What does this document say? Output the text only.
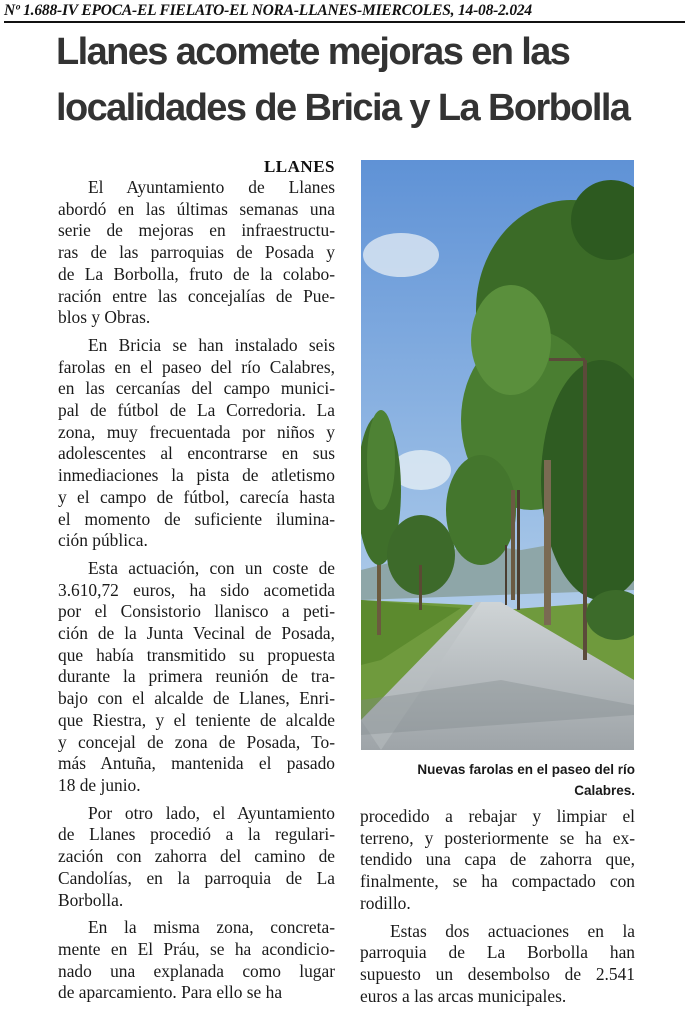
Nº 1.688-IV EPOCA-EL FIELATO-EL NORA-LLANES-MIERCOLES, 14-08-2.024
Llanes acomete mejoras en las
localidades de Bricia y La Borbolla
LLANES
El Ayuntamiento de Llanes
abordó en las últimas semanas una
serie de mejoras en infraestructu-
ras de las parroquias de Posada y
de La Borbolla, fruto de la colabo-
ración entre las concejalías de Pue-
blos y Obras.
En Bricia se han instalado seis
farolas en el paseo del río Calabres,
en las cercanías del campo munici-
pal de fútbol de La Corredoria. La
zona, muy frecuentada por niños y
adolescentes al encontrarse en sus
inmediaciones la pista de atletismo
y el campo de fútbol, carecía hasta
el momento de suficiente ilumina-
ción pública.
Esta actuación, con un coste de
3.610,72 euros, ha sido acometida
por el Consistorio llanisco a peti-
ción de la Junta Vecinal de Posada,
que había transmitido su propuesta
durante la primera reunión de tra-
bajo con el alcalde de Llanes, Enri-
que Riestra, y el teniente de alcalde
y concejal de zona de Posada, To-
más Antuña, mantenida el pasado
18 de junio.
Por otro lado, el Ayuntamiento
de Llanes procedió a la regulari-
zación con zahorra del camino de
Candolías, en la parroquia de La
Borbolla.
En la misma zona, concreta-
mente en El Práu, se ha acondicio-
nado una explanada como lugar
de aparcamiento. Para ello se ha
Nuevas farolas en el paseo del río
Calabres.
procedido a rebajar y limpiar el
terreno, y posteriormente se ha ex-
tendido una capa de zahorra que,
finalmente, se ha compactado con
rodillo.
Estas dos actuaciones en la
parroquia de La Borbolla han
supuesto un desembolso de 2.541
euros a las arcas municipales.
